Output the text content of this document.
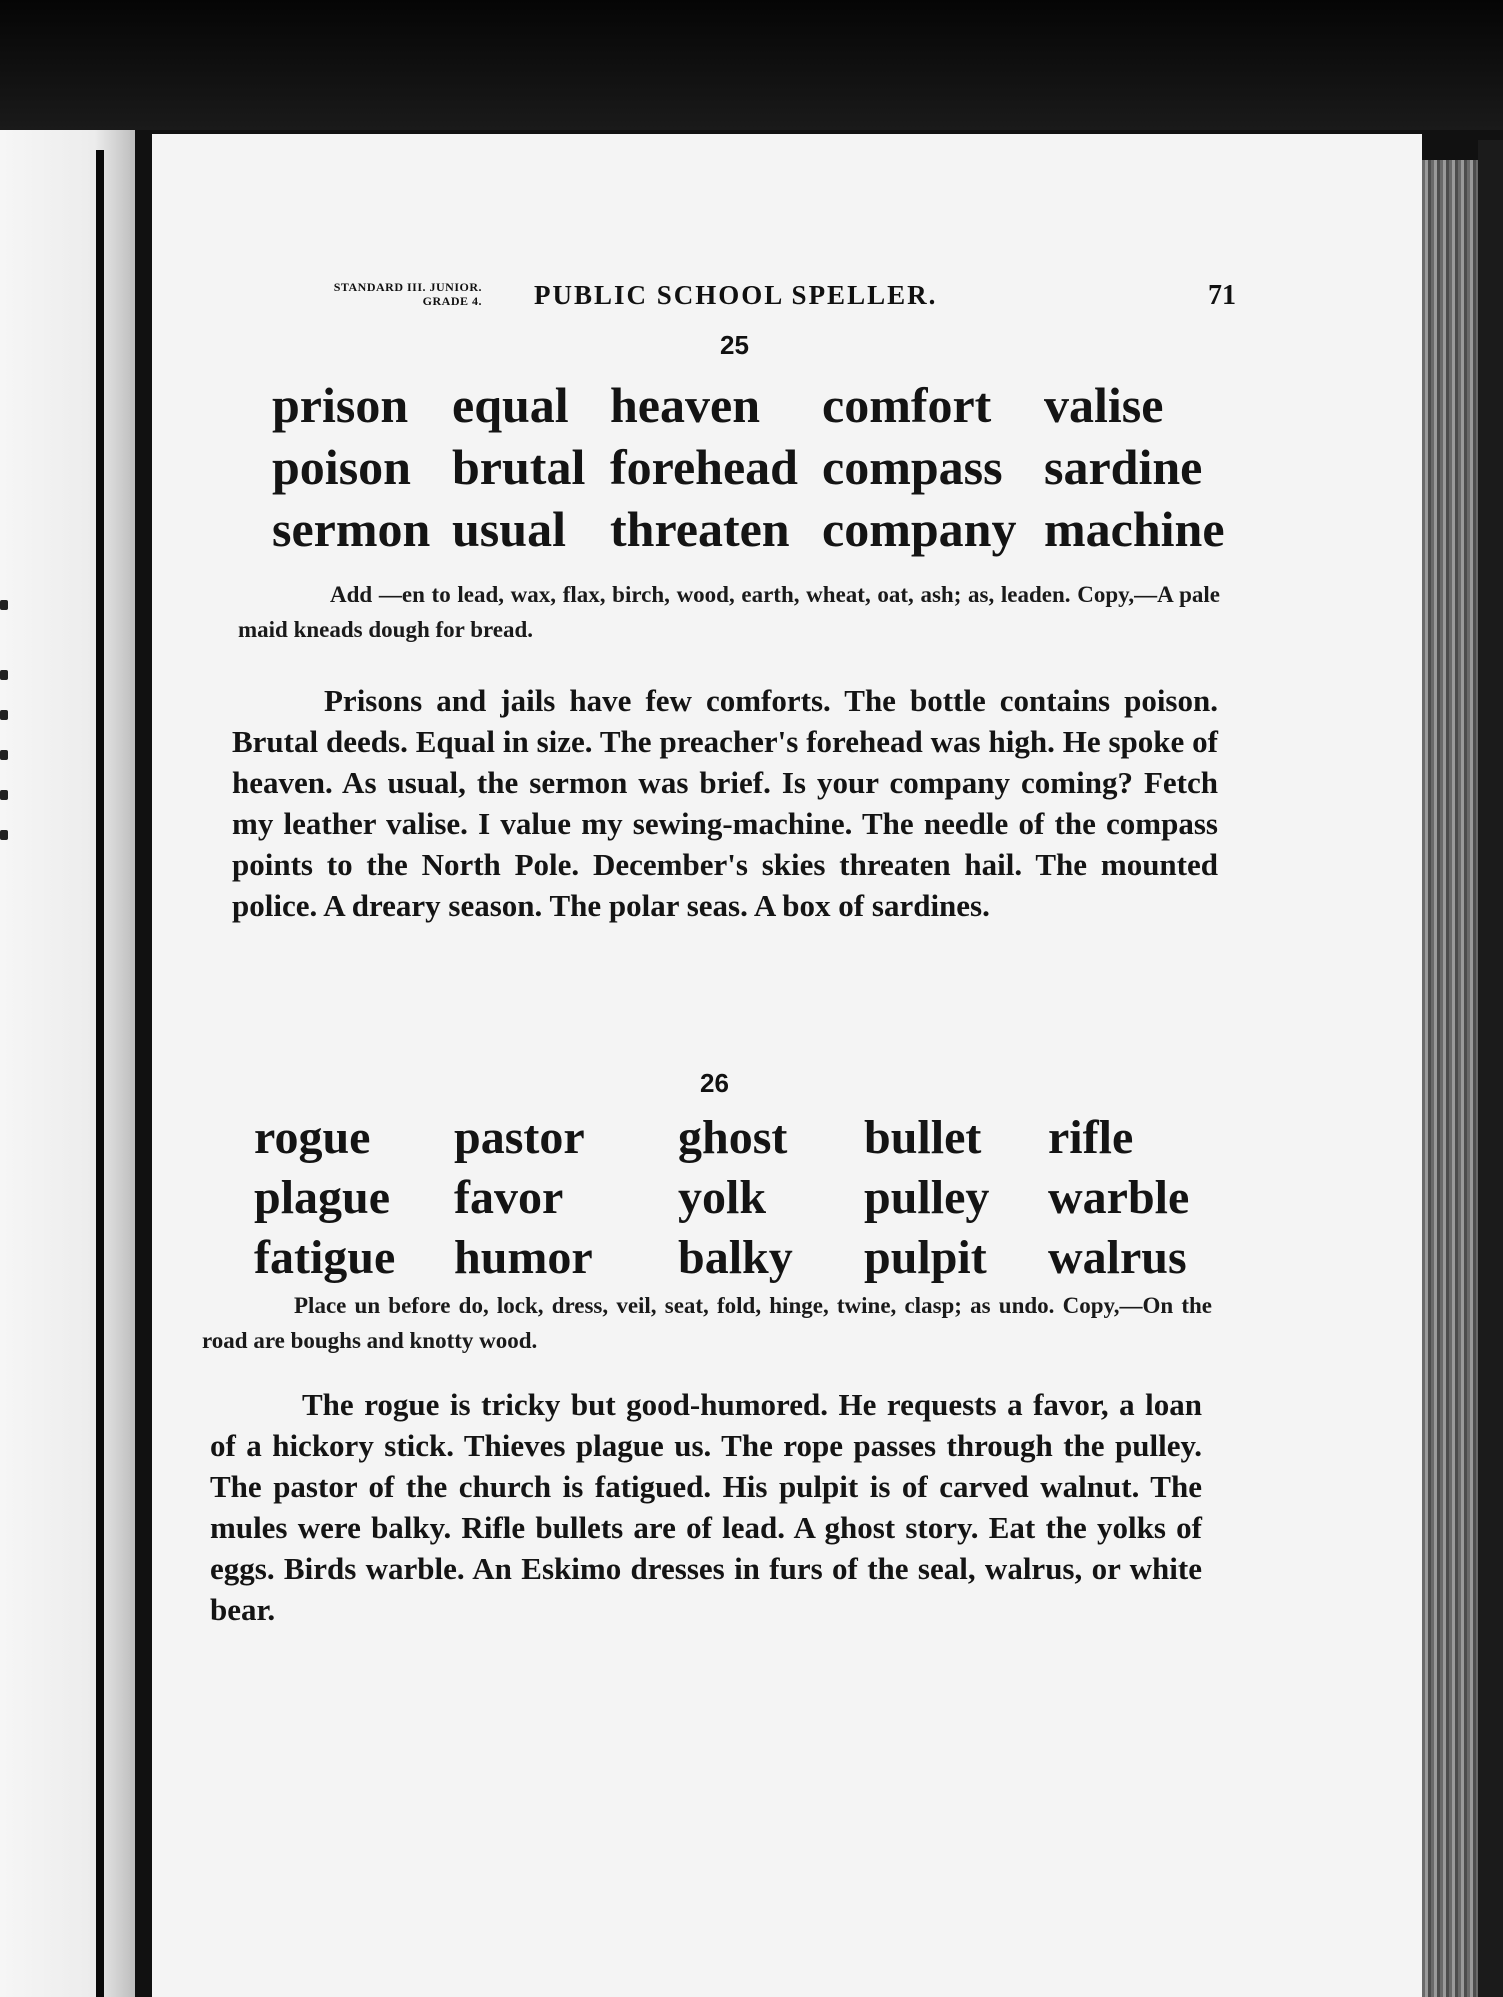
STANDARD III. JUNIOR.
GRADE 4. PUBLIC SCHOOL SPELLER.	71
25
prison
poison
sermon
equal
brutal
usual
heaven
forehead
threaten
comfort
compass
company
valise
sardine
machine
Add —en to lead, wax, flax, birch, wood, earth, wheat, oat, ash; as, leaden. Copy,—A pale maid kneads dough for bread.
Prisons and jails have few comforts. The bottle contains poison. Brutal deeds. Equal in size. The preacher's forehead was high. He spoke of heaven. As usual, the sermon was brief. Is your company coming? Fetch my leather valise. I value my sewing-machine. The needle of the compass points to the North Pole. December's skies threaten hail. The mounted police. A dreary season. The polar seas. A box of sardines.
26
rogue
plague
fatigue
pastor
favor
humor
ghost
yolk
balky
bullet
pulley
pulpit
rifle
warble
walrus
Place un before do, lock, dress, veil, seat, fold, hinge, twine, clasp; as undo. Copy,—On the road are boughs and knotty wood.
The rogue is tricky but good-humored. He requests a favor, a loan of a hickory stick. Thieves plague us. The rope passes through the pulley. The pastor of the church is fatigued. His pulpit is of carved walnut. The mules were balky. Rifle bullets are of lead. A ghost story. Eat the yolks of eggs. Birds warble. An Eskimo dresses in furs of the seal, walrus, or white bear.
